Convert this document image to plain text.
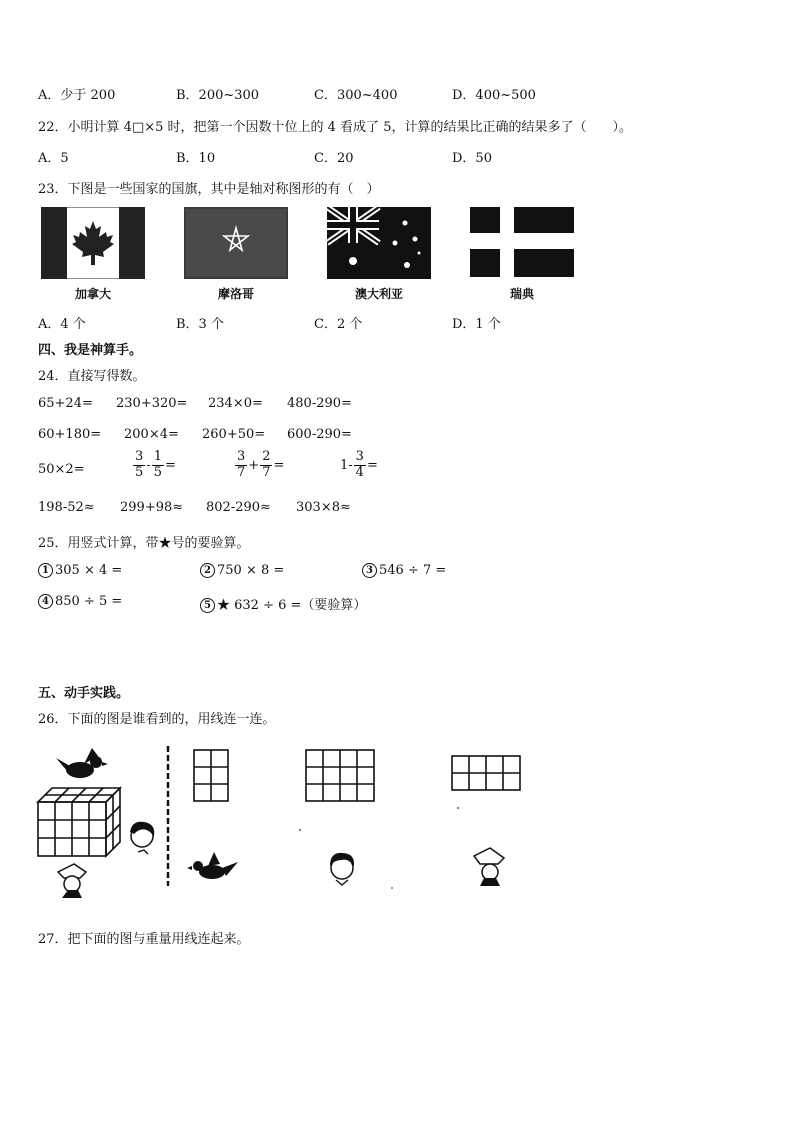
A．少于 200	B．200~300	C．300~400	D．400~500
22．小明计算 4□×5 时，把第一个因数十位上的 4 看成了 5，计算的结果比正确的结果多了（　　）。
A．5	B．10	C．20	D．50
23．下图是一些国家的国旗，其中是轴对称图形的有（　）
加拿大	摩洛哥	澳大利亚	瑞典
A．4 个	B．3 个	C．2 个	D．1 个
四、我是神算手。
24．直接写得数。
65+24= 230+320= 234×0= 480-290=
60+180= 200×4= 260+50= 600-290=
50×2=	$\frac{3}{5} - \frac{1}{5}$ =	$\frac{3}{7} + \frac{2}{7}$ =	$1- \frac{3}{4}$ =
198-52≈ 299+98≈ 802-290≈ 303×8≈
25．用竖式计算，带★号的要验算。
1 305 × 4 =	2 750 × 8 =	3 546 ÷ 7 =
4 850 ÷ 5 =	5 ★ 632 ÷ 6 =（要验算）
五、动手实践。
26．下面的图是谁看到的，用线连一连。
27．把下面的图与重量用线连起来。
